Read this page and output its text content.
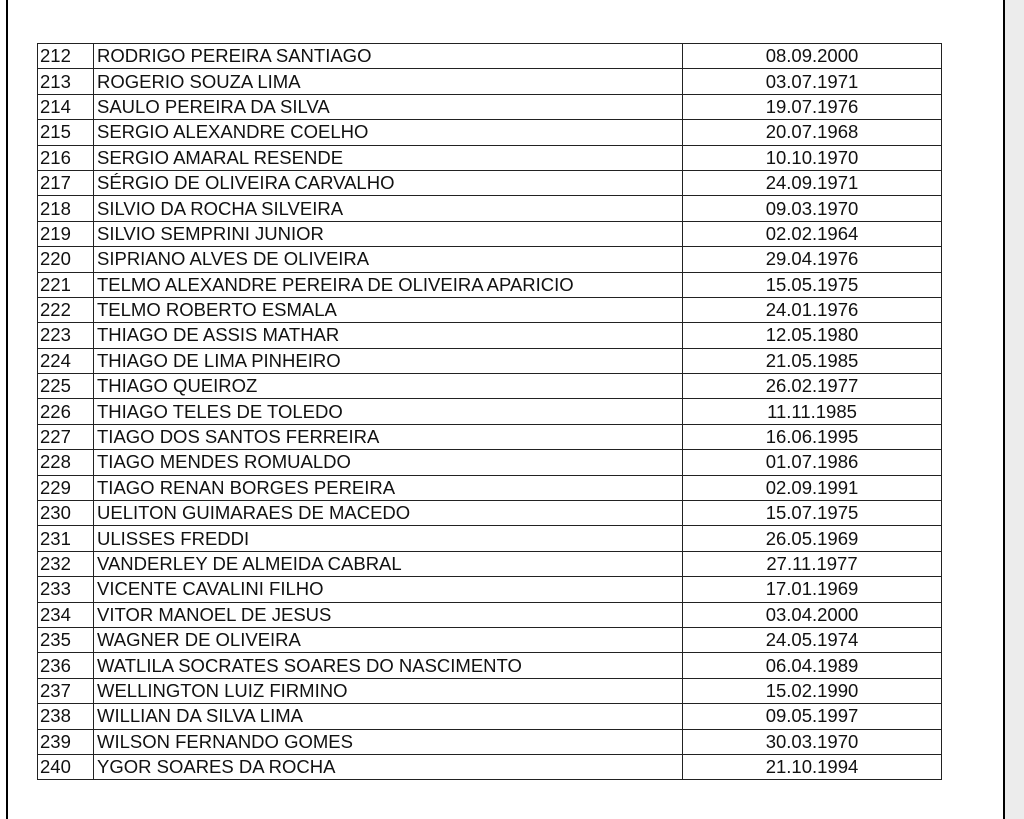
212	RODRIGO PEREIRA SANTIAGO	08.09.2000
213	ROGERIO SOUZA LIMA	03.07.1971
214	SAULO PEREIRA DA SILVA	19.07.1976
215	SERGIO ALEXANDRE COELHO	20.07.1968
216	SERGIO AMARAL RESENDE	10.10.1970
217	SÉRGIO DE OLIVEIRA CARVALHO	24.09.1971
218	SILVIO DA ROCHA SILVEIRA	09.03.1970
219	SILVIO SEMPRINI JUNIOR	02.02.1964
220	SIPRIANO ALVES DE OLIVEIRA	29.04.1976
221	TELMO ALEXANDRE PEREIRA DE OLIVEIRA APARICIO	15.05.1975
222	TELMO ROBERTO ESMALA	24.01.1976
223	THIAGO DE ASSIS MATHAR	12.05.1980
224	THIAGO DE LIMA PINHEIRO	21.05.1985
225	THIAGO QUEIROZ	26.02.1977
226	THIAGO TELES DE TOLEDO	11.11.1985
227	TIAGO DOS SANTOS FERREIRA	16.06.1995
228	TIAGO MENDES ROMUALDO	01.07.1986
229	TIAGO RENAN BORGES PEREIRA	02.09.1991
230	UELITON GUIMARAES DE MACEDO	15.07.1975
231	ULISSES FREDDI	26.05.1969
232	VANDERLEY DE ALMEIDA CABRAL	27.11.1977
233	VICENTE CAVALINI FILHO	17.01.1969
234	VITOR MANOEL DE JESUS	03.04.2000
235	WAGNER DE OLIVEIRA	24.05.1974
236	WATLILA SOCRATES SOARES DO NASCIMENTO	06.04.1989
237	WELLINGTON LUIZ FIRMINO	15.02.1990
238	WILLIAN DA SILVA LIMA	09.05.1997
239	WILSON FERNANDO GOMES	30.03.1970
240	YGOR SOARES DA ROCHA	21.10.1994
